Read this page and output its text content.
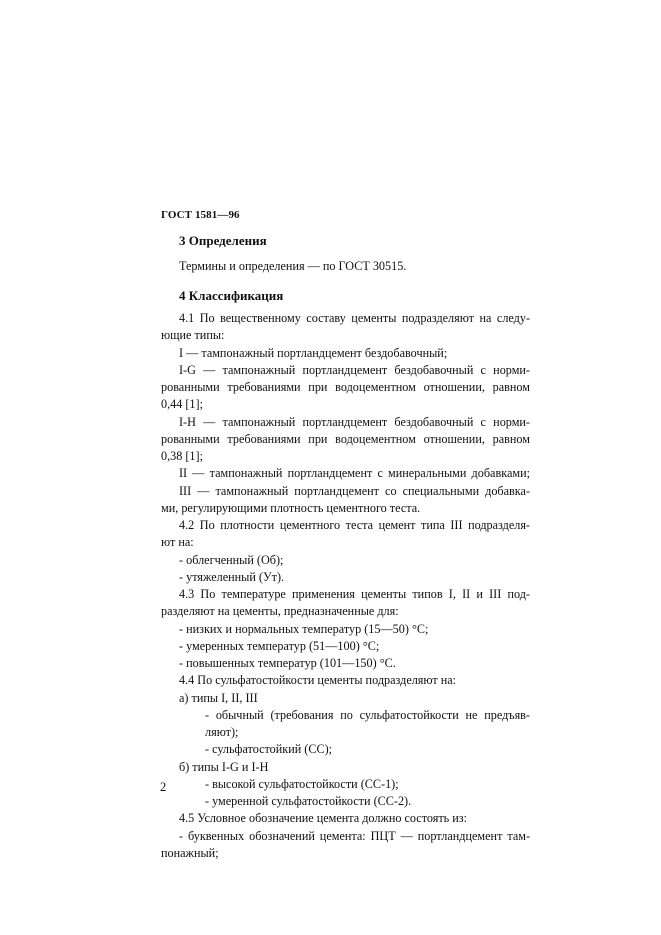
ГОСТ 1581—96
3 Определения
Термины и определения — по ГОСТ 30515.
4 Классификация

4.1 По вещественному составу цементы подразделяют на следу-

ющие типы:

I — тампонажный портландцемент бездобавочный;

I-G — тампонажный портландцемент бездобавочный с норми-

рованными требованиями при водоцементном отношении, равном

0,44 [1];

I-H — тампонажный портландцемент бездобавочный с норми-

рованными требованиями при водоцементном отношении, равном

0,38 [1];

II — тампонажный портландцемент с минеральными добавками;

III — тампонажный портландцемент со специальными добавка-

ми, регулирующими плотность цементного теста.

4.2 По плотности цементного теста цемент типа III подразделя-

ют на:

- облегченный (Об);

- утяжеленный (Ут).

4.3 По температуре применения цементы типов I, II и III под-

разделяют на цементы, предназначенные для:

- низких и нормальных температур (15—50) °С;

- умеренных температур (51—100) °С;

- повышенных температур (101—150) °С.

4.4 По сульфатостойкости цементы подразделяют на:

а) типы I, II, III

- обычный (требования по сульфатостойкости не предъяв-

ляют);

- сульфатостойкий (СС);

б) типы I-G и I-H

- высокой сульфатостойкости (СС-1);

- умеренной сульфатостойкости (СС-2).

4.5 Условное обозначение цемента должно состоять из:

- буквенных обозначений цемента: ПЦТ — портландцемент там-

понажный;

2
